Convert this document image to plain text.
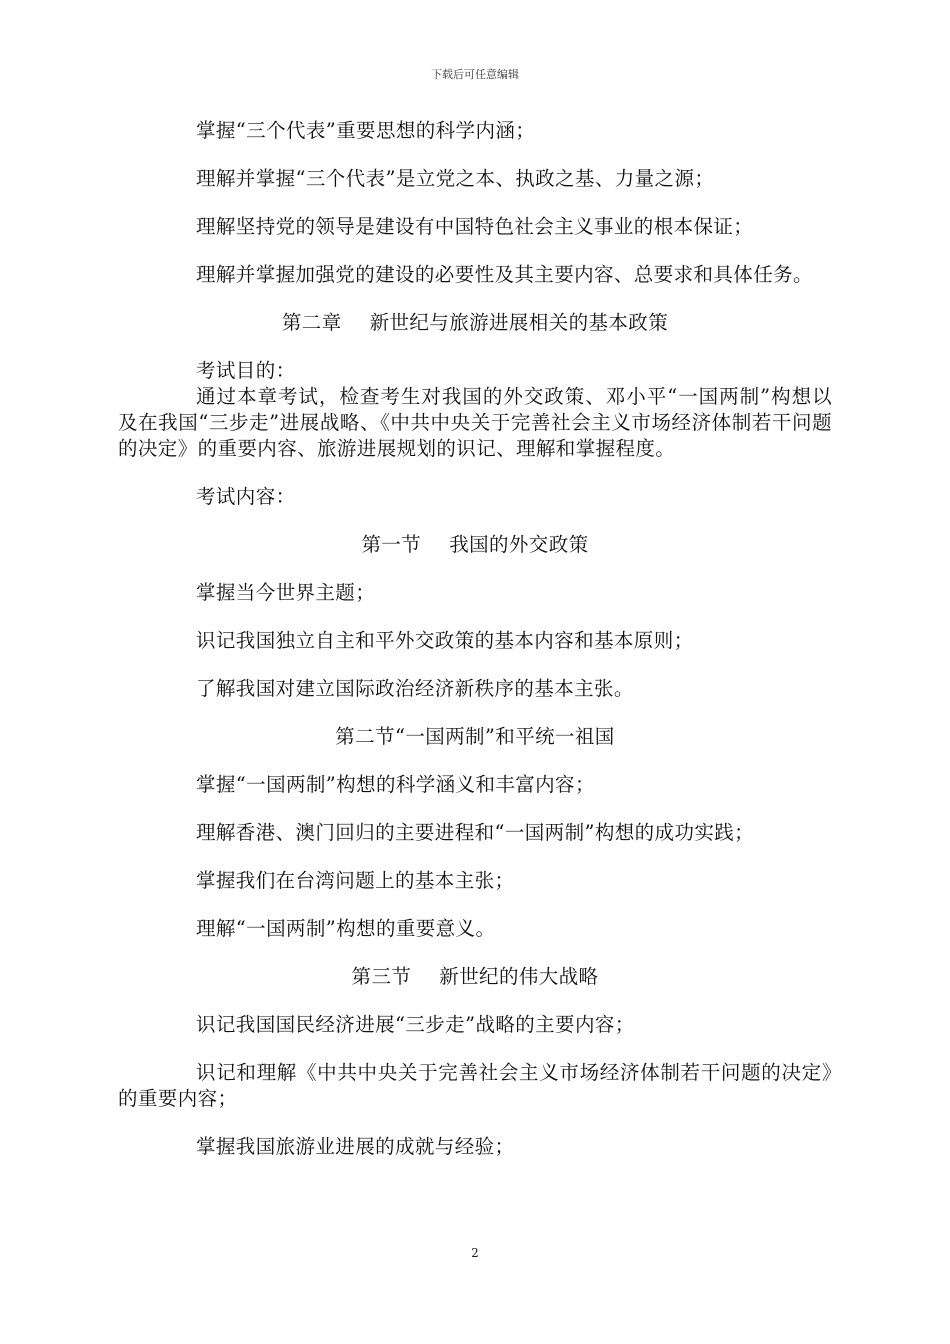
下载后可任意编辑

掌握“三个代表”重要思想的科学内涵；

理解并掌握“三个代表”是立党之本、执政之基、力量之源；

理解坚持党的领导是建设有中国特色社会主义事业的根本保证；

理解并掌握加强党的建设的必要性及其主要内容、总要求和具体任务。

第二章 新世纪与旅游进展相关的基本政策

考试目的：

通过本章考试，检查考生对我国的外交政策、邓小平“一国两制”构想以及在我国“三步走”进展战略、《中共中央关于完善社会主义市场经济体制若干问题的决定》的重要内容、旅游进展规划的识记、理解和掌握程度。

考试内容：

第一节 我国的外交政策

掌握当今世界主题；

识记我国独立自主和平外交政策的基本内容和基本原则；

了解我国对建立国际政治经济新秩序的基本主张。

第二节“一国两制”和平统一祖国

掌握“一国两制”构想的科学涵义和丰富内容；

理解香港、澳门回归的主要进程和“一国两制”构想的成功实践；

掌握我们在台湾问题上的基本主张；

理解“一国两制”构想的重要意义。

第三节 新世纪的伟大战略

识记我国国民经济进展“三步走”战略的主要内容；

识记和理解《中共中央关于完善社会主义市场经济体制若干问题的决定》的重要内容；

掌握我国旅游业进展的成就与经验；

2
